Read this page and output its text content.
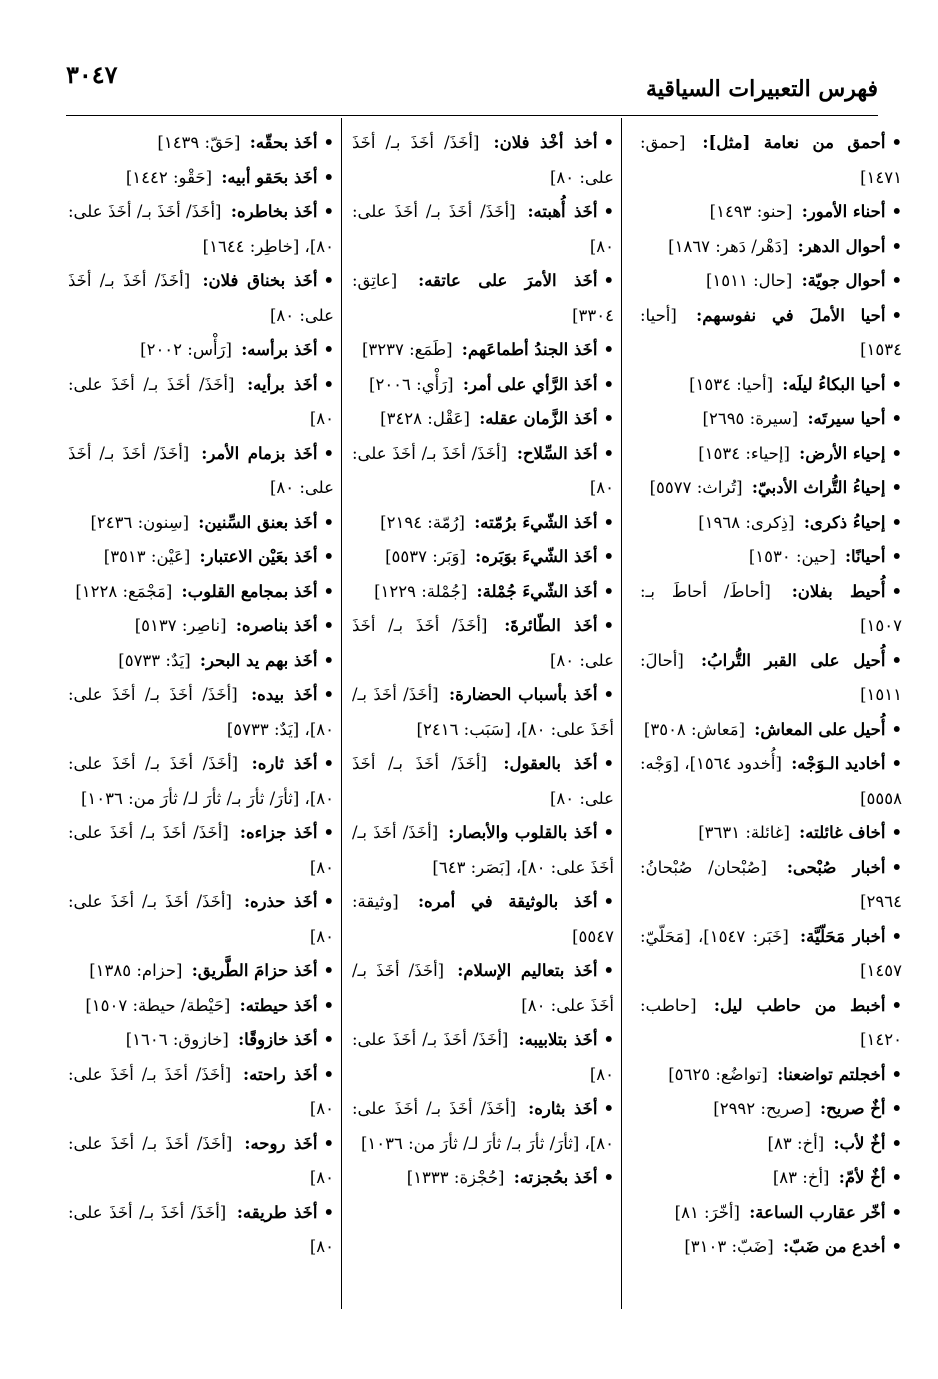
٣٠٤٧	فهرس التعبيرات السياقية

•أحمق من نعامة [مثل]: [حمق: ١٤٧١]

•أحناء الأمور: [حنو: ١٤٩٣]

•أحوال الدهر: [دَهْر/ دَهر: ١٨٦٧]

•أحوال جويّة: [حال: ١٥١١]

•أحيا الأملَ في نفوسهم: [أحيا: ١٥٣٤]

•أحيا البكاءُ ليلَه: [أحيا: ١٥٣٤]

•أحيا سيرتَه: [سيرة: ٢٦٩٥]

•إحياء الأرض: [إحياء: ١٥٣٤]

•إحياءُ التُّراث الأدبيّ: [تُراث: ٥٥٧٧]

•إحياءُ ذكرى: [ذِكرى: ١٩٦٨]

•أحيانًا: [حين: ١٥٣٠]

•أُحيط بفلان: [أحاطَ/ أحاطَ بـ: ١٥٠٧]

•أُحيل على القبر التُّرابُ: [أحالَ: ١٥١١]

•أُحيل على المعاش: [مَعاش: ٣٥٠٨]

•أخاديد الـوَجْه: [أُخدود ١٥٦٤]، [وَجْه: ٥٥٥٨]

•أخاف غائلته: [غائلة: ٣٦٣١]

•أخبار صُبْحى: [صُبْحان/ صُبْحانُ: ٢٩٦٤]

•أخبار مَحَلّيَّة: [خَبَر: ١٥٤٧]، [مَحَلّيّ: ١٤٥٧]

•أخبط من حاطب ليل: [حاطب: ١٤٢٠]

•أخجلتم تواضعنا: [تواضُع: ٥٦٢٥]

•أخٌ صريح: [صريح: ٢٩٩٢]

•أخٌ لأب: [أخ: ٨٣]

•أخٌ لأمّ: [أخ: ٨٣]

•أخّر عقارب الساعة: [أخّرَ: ٨١]

•أخدع من ضَبّ: [ضَبّ: ٣١٠٣]

•أخذ أخْذ فلان: [أخَذَ/ أخَذَ بـ/ أخَذَ على: ٨٠]

•أخَذ أُهبته: [أخَذَ/ أخَذَ بـ/ أخَذَ على: ٨٠]

•أخَذ الأمرَ على عاتقه: [عاتِق: ٣٣٠٤]

•أخَذ الجندُ أطماعَهم: [طَمَع: ٣٢٣٧]

•أخَذ الرَّأي على أمر: [رَأْي: ٢٠٠٦]

•أخَذ الزَّمان عقله: [عَقْل: ٣٤٢٨]

•أخَذ السِّلاح: [أخَذَ/ أخَذَ بـ/ أخَذَ على: ٨٠]

•أخَذ الشّيءَ برُمّته: [رُمّة: ٢١٩٤]

•أخَذ الشّيءَ بوَبَره: [وَبَر: ٥٥٣٧]

•أخَذ الشّيءَ جُمْلة: [جُمْلة: ١٢٢٩]

•أخَذ الطّائرةَ: [أخَذَ/ أخَذَ بـ/ أخَذَ على: ٨٠]

•أخَذ بأسباب الحضارة: [أخَذَ/ أخَذَ بـ/ أخَذَ على: ٨٠]، [سَبَب: ٢٤١٦]

•أخَذ بالعقول: [أخَذَ/ أخَذَ بـ/ أخَذَ على: ٨٠]

•أخَذ بالقلوب والأبصار: [أخَذَ/ أخَذَ بـ/ أخَذَ على: ٨٠]، [بَصَر: ٦٤٣]

•أخَذ بالوثيقة في أمره: [وثيقة: ٥٥٤٧]

•أخَذ بتعاليم الإسلام: [أخَذَ/ أخَذَ بـ/ أخَذَ على: ٨٠]

•أخَذ بتلابيبه: [أخَذَ/ أخَذَ بـ/ أخَذَ على: ٨٠]

•أخَذ بثاره: [أخَذَ/ أخَذَ بـ/ أخَذَ على: ٨٠]، [ثأرَ/ ثأرَ بـ/ ثأرَ لـ/ ثأرَ من: ١٠٣٦]

•أخَذ بحُجزته: [حُجْزة: ١٣٣٣]

•أخَذ بحقّه: [حَقّ: ١٤٣٩]

•أخَذ بحَقو أبيه: [حَقْو: ١٤٤٢]

•أخَذ بخاطره: [أخَذَ/ أخَذَ بـ/ أخَذَ على: ٨٠]، [خاطِر: ١٦٤٤]

•أخَذ بخناق فلان: [أخَذَ/ أخَذَ بـ/ أخَذَ على: ٨٠]

•أخَذ برأسه: [رَأْس: ٢٠٠٢]

•أخَذ برأيه: [أخَذَ/ أخَذَ بـ/ أخَذَ على: ٨٠]

•أخَذ بزمام الأمر: [أخَذَ/ أخَذَ بـ/ أخَذَ على: ٨٠]

•أخَذ بعنق السِّنين: [سِنون: ٢٤٣٦]

•أخَذ بعَيْن الاعتبار: [عَيْن: ٣٥١٣]

•أخَذ بمجامع القلوب: [مَجْمَع: ١٢٢٨]

•أخَذ بناصره: [ناصِر: ٥١٣٧]

•أخَذ بهم يد البحر: [يَدٌ: ٥٧٣٣]

•أخَذ بيده: [أخَذَ/ أخَذَ بـ/ أخَذَ على: ٨٠]، [يَدٌ: ٥٧٣٣]

•أخَذ ثاره: [أخَذَ/ أخَذَ بـ/ أخَذَ على: ٨٠]، [ثأرَ/ ثأرَ بـ/ ثأرَ لـ/ ثأرَ من: ١٠٣٦]

•أخَذ جزاءه: [أخَذَ/ أخَذَ بـ/ أخَذَ على: ٨٠]

•أخَذ حذره: [أخَذَ/ أخَذَ بـ/ أخَذَ على: ٨٠]

•أخَذ حزامَ الطَّريق: [حزام: ١٣٨٥]

•أخَذ حيطته: [حَيْطة/ حيطة: ١٥٠٧]

•أخَذ خازوقًا: [خازوق: ١٦٠٦]

•أخَذ راحته: [أخَذَ/ أخَذَ بـ/ أخَذَ على: ٨٠]

•أخَذ روحه: [أخَذَ/ أخَذَ بـ/ أخَذَ على: ٨٠]

•أخَذ طريقه: [أخَذَ/ أخَذَ بـ/ أخَذَ على: ٨٠]
